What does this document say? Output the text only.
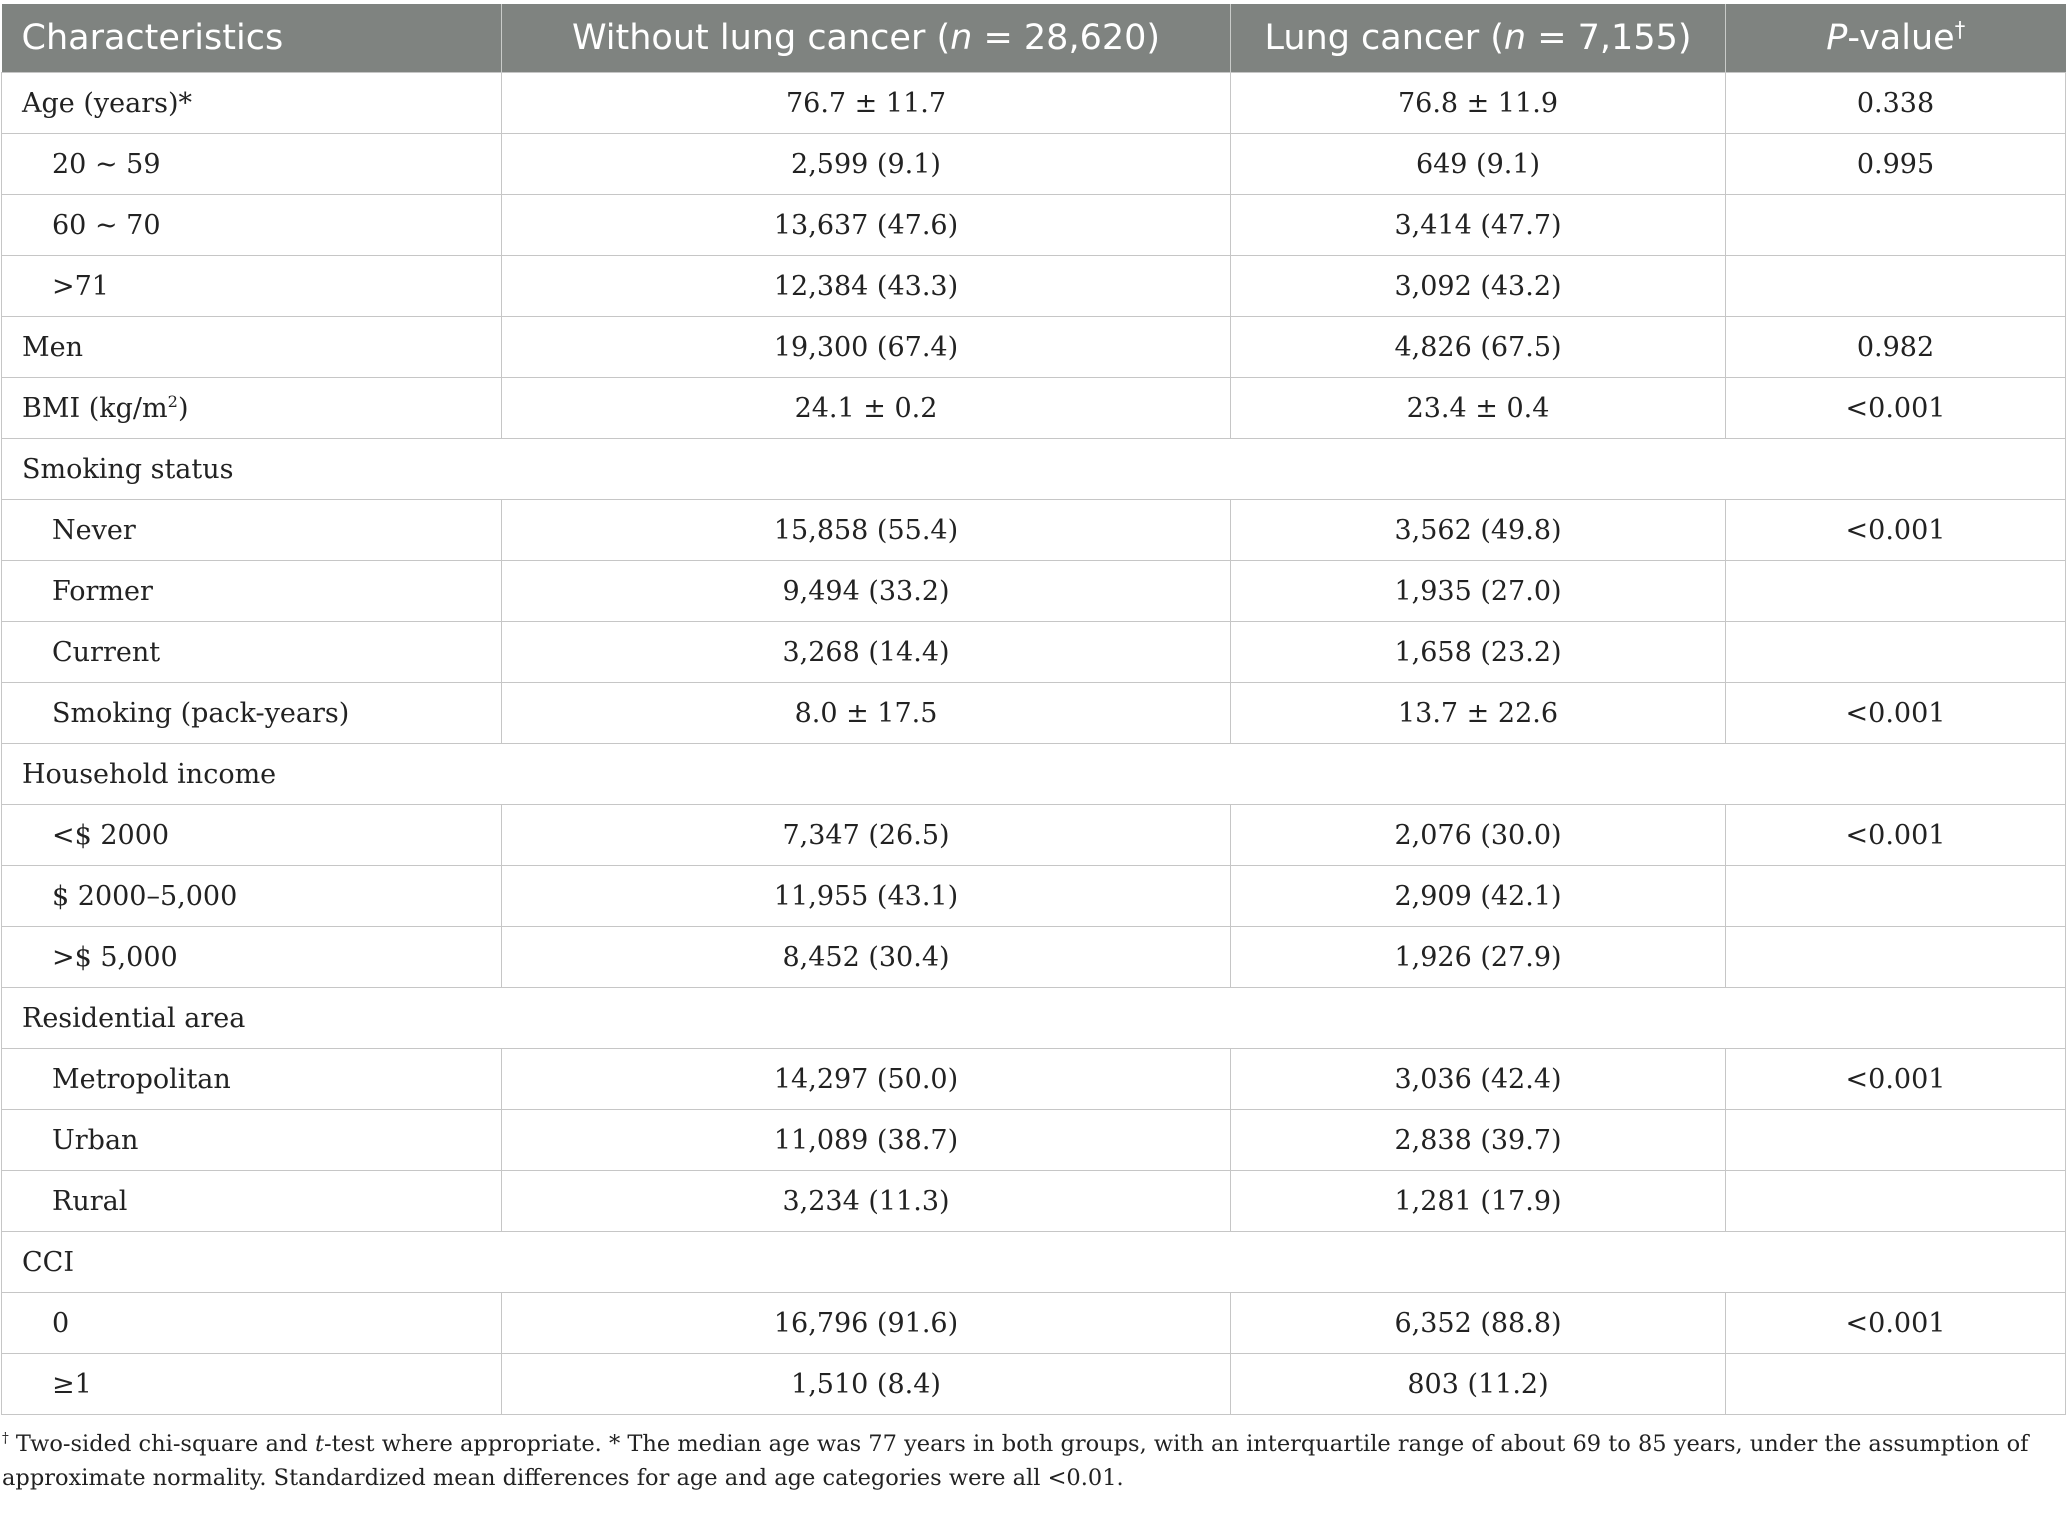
Characteristics	Without lung cancer (n = 28,620)	Lung cancer (n = 7,155)	P-value†
Age (years)*	76.7 ± 11.7	76.8 ± 11.9	0.338
20 ~ 59	2,599 (9.1)	649 (9.1)	0.995
60 ~ 70	13,637 (47.6)	3,414 (47.7)	
>71	12,384 (43.3)	3,092 (43.2)	
Men	19,300 (67.4)	4,826 (67.5)	0.982
BMI $(kg/m^2)$	24.1 ± 0.2	23.4 ± 0.4	<0.001
Smoking status			
Never	15,858 (55.4)	3,562 (49.8)	<0.001
Former	9,494 (33.2)	1,935 (27.0)	
Current	3,268 (14.4)	1,658 (23.2)	
Smoking (pack-years)	8.0 ± 17.5	13.7 ± 22.6	<0.001
Household income			
<$ 2000	7,347 (26.5)	2,076 (30.0)	<0.001
$ 2000–5,000	11,955 (43.1)	2,909 (42.1)	
>$ 5,000	8,452 (30.4)	1,926 (27.9)	
Residential area			
Metropolitan	14,297 (50.0)	3,036 (42.4)	<0.001
Urban	11,089 (38.7)	2,838 (39.7)	
Rural	3,234 (11.3)	1,281 (17.9)	
CCI			
0	16,796 (91.6)	6,352 (88.8)	<0.001
≥1	1,510 (8.4)	803 (11.2)	
† Two-sided chi-square and t-test where appropriate. * The median age was 77 years in both groups, with an interquartile range of about 69 to 85 years, under the assumption of approximate normality. Standardized mean differences for age and age categories were all <0.01.
